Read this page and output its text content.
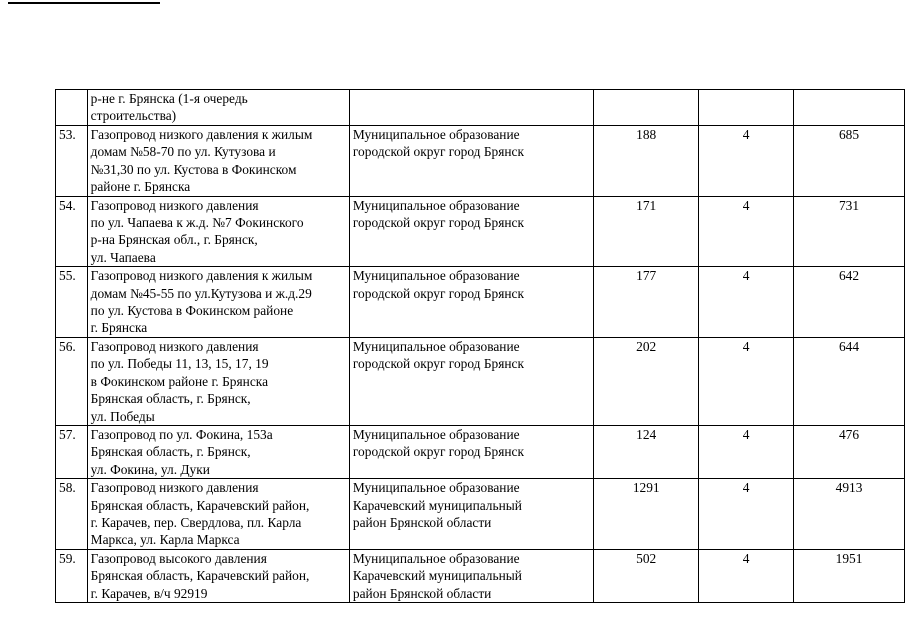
	р-не г. Брянска (1-я очередь
строительства)				
53.	Газопровод низкого давления к жилым
домам №58-70 по ул. Кутузова и
№31,30 по ул. Кустова в Фокинском
районе г. Брянска	Муниципальное образование
городской округ город Брянск	188	4	685
54.	Газопровод низкого давления
по ул. Чапаева к ж.д. №7 Фокинского
р-на Брянская обл., г. Брянск,
ул. Чапаева	Муниципальное образование
городской округ город Брянск	171	4	731
55.	Газопровод низкого давления к жилым
домам №45-55 по ул.Кутузова и ж.д.29
по ул. Кустова в Фокинском районе
г. Брянска	Муниципальное образование
городской округ город Брянск	177	4	642
56.	Газопровод низкого давления
по ул. Победы 11, 13, 15, 17, 19
в Фокинском районе г. Брянска
Брянская область, г. Брянск,
ул. Победы	Муниципальное образование
городской округ город Брянск	202	4	644
57.	Газопровод по ул. Фокина, 153а
Брянская область, г. Брянск,
ул. Фокина, ул. Дуки	Муниципальное образование
городской округ город Брянск	124	4	476
58.	Газопровод низкого давления
Брянская область, Карачевский район,
г. Карачев, пер. Свердлова, пл. Карла
Маркса, ул. Карла Маркса	Муниципальное образование
Карачевский муниципальный
район Брянской области	1291	4	4913
59.	Газопровод высокого давления
Брянская область, Карачевский район,
г. Карачев, в/ч 92919	Муниципальное образование
Карачевский муниципальный
район Брянской области	502	4	1951
